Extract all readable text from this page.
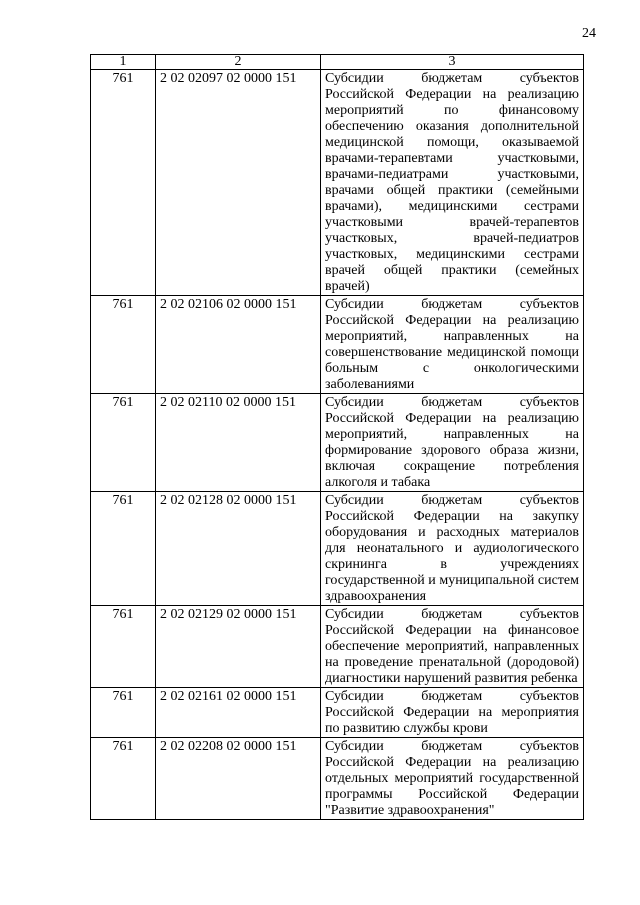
24
1	2	3
761	2 02 02097 02 0000 151	Субсидии бюджетам субъектов Российской Федерации на реализацию мероприятий по финансовому обеспечению оказания дополнительной медицинской помощи, оказываемой врачами-терапевтами участковыми, врачами-педиатрами участковыми, врачами общей практики (семейными врачами), медицинскими сестрами участковыми врачей-терапевтов участковых, врачей-педиатров участковых, медицинскими сестрами врачей общей практики (семейных врачей)
761	2 02 02106 02 0000 151	Субсидии бюджетам субъектов Российской Федерации на реализацию мероприятий, направленных на совершенствование медицинской помощи больным с онкологическими заболеваниями
761	2 02 02110 02 0000 151	Субсидии бюджетам субъектов Российской Федерации на реализацию мероприятий, направленных на формирование здорового образа жизни, включая сокращение потребления алкоголя и табака
761	2 02 02128 02 0000 151	Субсидии бюджетам субъектов Российской Федерации на закупку оборудования и расходных материалов для неонатального и аудиологического скрининга в учреждениях государственной и муниципальной систем здравоохранения
761	2 02 02129 02 0000 151	Субсидии бюджетам субъектов Российской Федерации на финансовое обеспечение мероприятий, направленных на проведение пренатальной (дородовой) диагностики нарушений развития ребенка
761	2 02 02161 02 0000 151	Субсидии бюджетам субъектов Российской Федерации на мероприятия по развитию службы крови
761	2 02 02208 02 0000 151	Субсидии бюджетам субъектов Российской Федерации на реализацию отдельных мероприятий государственной программы Российской Федерации "Развитие здравоохранения"
